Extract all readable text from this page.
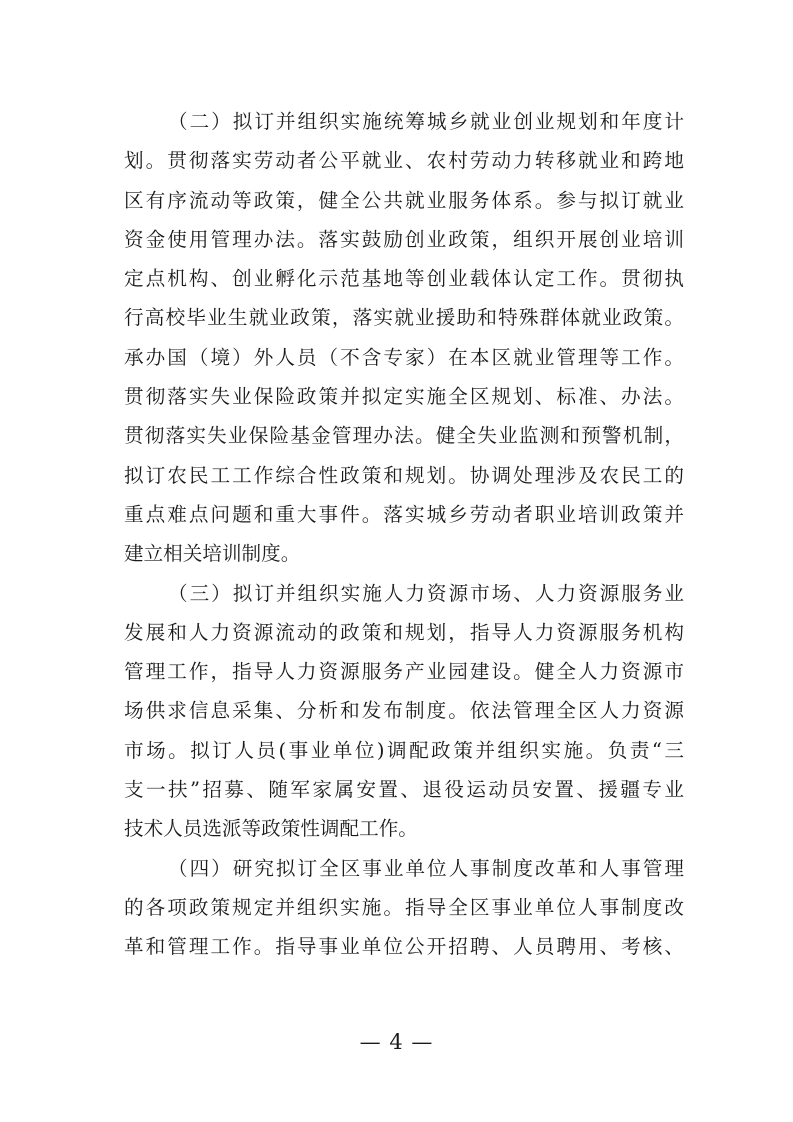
（二）拟订并组织实施统筹城乡就业创业规划和年度计
划。贯彻落实劳动者公平就业、农村劳动力转移就业和跨地
区有序流动等政策，健全公共就业服务体系。参与拟订就业
资金使用管理办法。落实鼓励创业政策，组织开展创业培训
定点机构、创业孵化示范基地等创业载体认定工作。贯彻执
行高校毕业生就业政策，落实就业援助和特殊群体就业政策。
承办国（境）外人员（不含专家）在本区就业管理等工作。
贯彻落实失业保险政策并拟定实施全区规划、标准、办法。
贯彻落实失业保险基金管理办法。健全失业监测和预警机制，
拟订农民工工作综合性政策和规划。协调处理涉及农民工的
重点难点问题和重大事件。落实城乡劳动者职业培训政策并
建立相关培训制度。
（三）拟订并组织实施人力资源市场、人力资源服务业
发展和人力资源流动的政策和规划，指导人力资源服务机构
管理工作，指导人力资源服务产业园建设。健全人力资源市
场供求信息采集、分析和发布制度。依法管理全区人力资源
市场。拟订人员(事业单位)调配政策并组织实施。负责“三
支一扶”招募、随军家属安置、退役运动员安置、援疆专业
技术人员选派等政策性调配工作。
（四）研究拟订全区事业单位人事制度改革和人事管理
的各项政策规定并组织实施。指导全区事业单位人事制度改
革和管理工作。指导事业单位公开招聘、人员聘用、考核、
— 4 —
